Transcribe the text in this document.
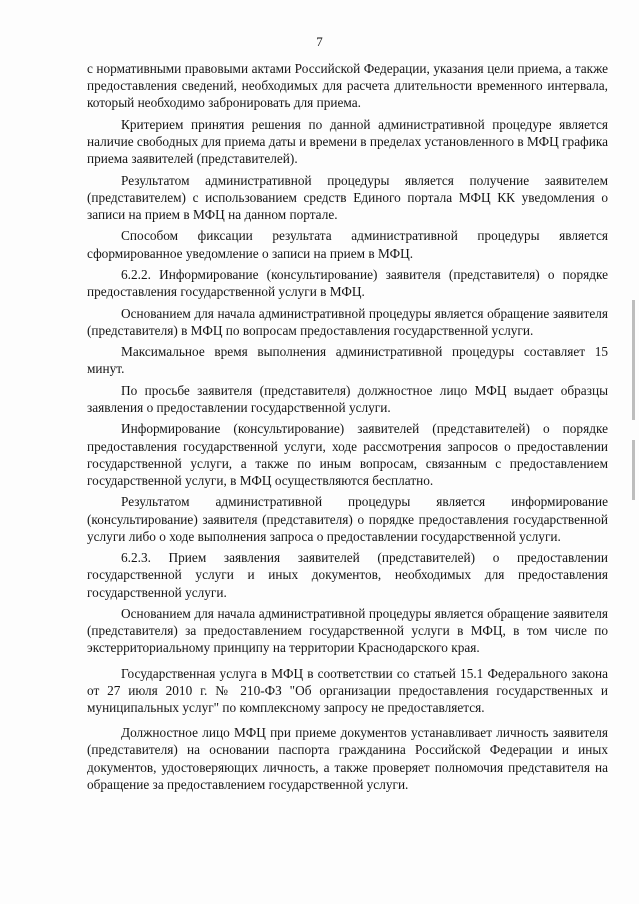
7

с нормативными правовыми актами Российской Федерации, указания цели приема, а также предоставления сведений, необходимых для расчета длительности временного интервала, который необходимо забронировать для приема.

Критерием принятия решения по данной административной процедуре является наличие свободных для приема даты и времени в пределах установленного в МФЦ графика приема заявителей (представителей).

Результатом административной процедуры является получение заявителем (представителем) с использованием средств Единого портала МФЦ КК уведомления о записи на прием в МФЦ на данном портале.

Способом фиксации результата административной процедуры является сформированное уведомление о записи на прием в МФЦ.

6.2.2. Информирование (консультирование) заявителя (представителя) о порядке предоставления государственной услуги в МФЦ.

Основанием для начала административной процедуры является обращение заявителя (представителя) в МФЦ по вопросам предоставления государственной услуги.

Максимальное время выполнения административной процедуры составляет 15 минут.

По просьбе заявителя (представителя) должностное лицо МФЦ выдает образцы заявления о предоставлении государственной услуги.

Информирование (консультирование) заявителей (представителей) о порядке предоставления государственной услуги, ходе рассмотрения запросов о предоставлении государственной услуги, а также по иным вопросам, связанным с предоставлением государственной услуги, в МФЦ осуществляются бесплатно.

Результатом административной процедуры является информирование (консультирование) заявителя (представителя) о порядке предоставления государственной услуги либо о ходе выполнения запроса о предоставлении государственной услуги.

6.2.3. Прием заявления заявителей (представителей) о предоставлении государственной услуги и иных документов, необходимых для предоставления государственной услуги.

Основанием для начала административной процедуры является обращение заявителя (представителя) за предоставлением государственной услуги в МФЦ, в том числе по экстерриториальному принципу на территории Краснодарского края.

Государственная услуга в МФЦ в соответствии со статьей 15.1 Федерального закона от 27 июля 2010 г. № 210-ФЗ "Об организации предоставления государственных и муниципальных услуг" по комплексному запросу не предоставляется.

Должностное лицо МФЦ при приеме документов устанавливает личность заявителя (представителя) на основании паспорта гражданина Российской Федерации и иных документов, удостоверяющих личность, а также проверяет полномочия представителя на обращение за предоставлением государственной услуги.
